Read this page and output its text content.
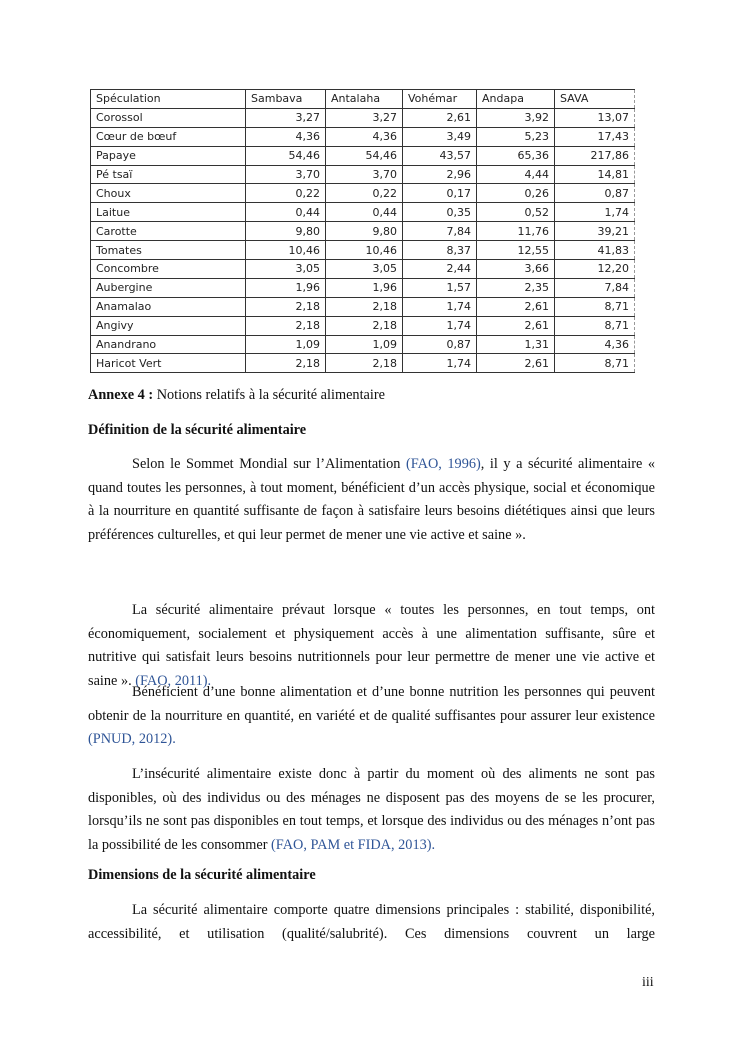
Spéculation	Sambava	Antalaha	Vohémar	Andapa	SAVA
Corossol	3,27	3,27	2,61	3,92	13,07
Cœur de bœuf	4,36	4,36	3,49	5,23	17,43
Papaye	54,46	54,46	43,57	65,36	217,86
Pé tsaï	3,70	3,70	2,96	4,44	14,81
Choux	0,22	0,22	0,17	0,26	0,87
Laitue	0,44	0,44	0,35	0,52	1,74
Carotte	9,80	9,80	7,84	11,76	39,21
Tomates	10,46	10,46	8,37	12,55	41,83
Concombre	3,05	3,05	2,44	3,66	12,20
Aubergine	1,96	1,96	1,57	2,35	7,84
Anamalao	2,18	2,18	1,74	2,61	8,71
Angivy	2,18	2,18	1,74	2,61	8,71
Anandrano	1,09	1,09	0,87	1,31	4,36
Haricot Vert	2,18	2,18	1,74	2,61	8,71
Annexe 4 : Notions relatifs à la sécurité alimentaire
Définition de la sécurité alimentaire
Selon le Sommet Mondial sur l’Alimentation (FAO, 1996), il y a sécurité alimentaire « quand toutes les personnes, à tout moment, bénéficient d’un accès physique, social et économique à la nourriture en quantité suffisante de façon à satisfaire leurs besoins diététiques ainsi que leurs préférences culturelles, et qui leur permet de mener une vie active et saine ».
La sécurité alimentaire prévaut lorsque « toutes les personnes, en tout temps, ont économiquement, socialement et physiquement accès à une alimentation suffisante, sûre et nutritive qui satisfait leurs besoins nutritionnels pour leur permettre de mener une vie active et saine ». (FAO, 2011).
Bénéficient d’une bonne alimentation et d’une bonne nutrition les personnes qui peuvent obtenir de la nourriture en quantité, en variété et de qualité suffisantes pour assurer leur existence (PNUD, 2012).
L’insécurité alimentaire existe donc à partir du moment où des aliments ne sont pas disponibles, où des individus ou des ménages ne disposent pas des moyens de se les procurer, lorsqu’ils ne sont pas disponibles en tout temps, et lorsque des individus ou des ménages n’ont pas la possibilité de les consommer (FAO, PAM et FIDA, 2013).
Dimensions de la sécurité alimentaire
La sécurité alimentaire comporte quatre dimensions principales : stabilité, disponibilité, accessibilité, et utilisation (qualité/salubrité). Ces dimensions couvrent un large
iii
